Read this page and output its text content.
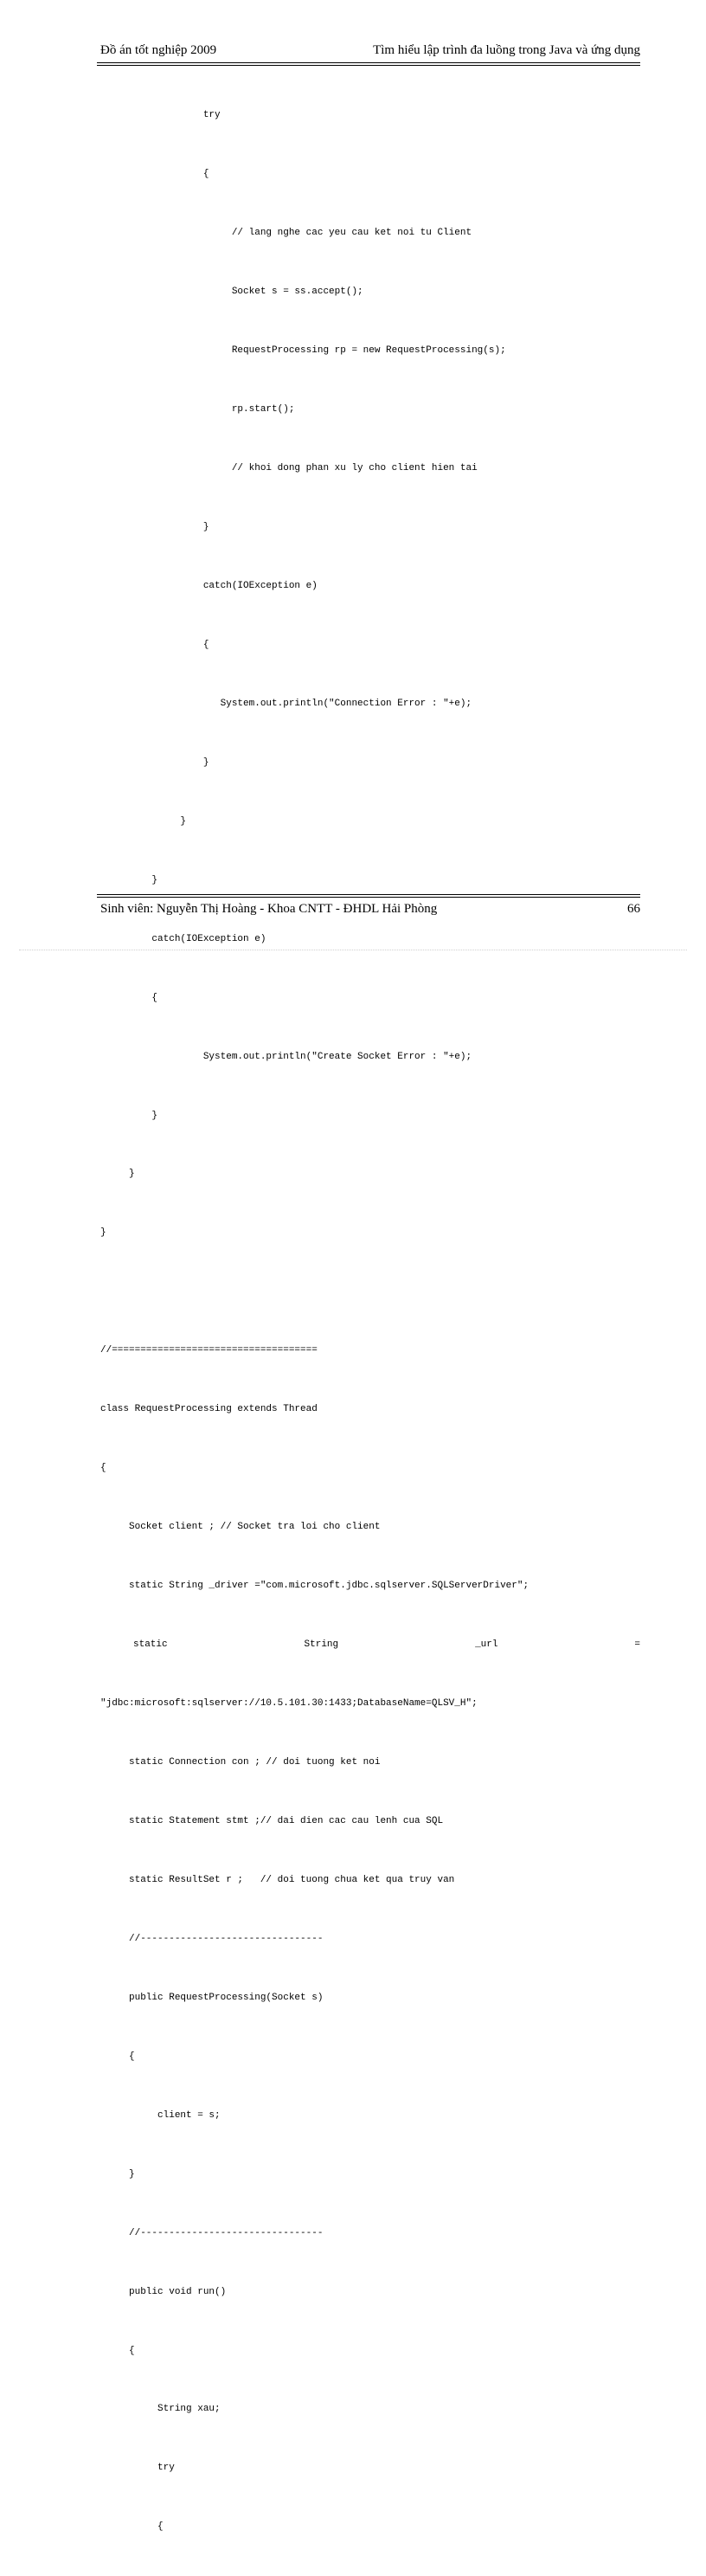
Đồ án tốt nghiệp 2009	Tìm hiểu lập trình đa luồng trong Java và ứng dụng

try

{

// lang nghe cac yeu cau ket noi tu Client

Socket s = ss.accept();

RequestProcessing rp = new RequestProcessing(s);

rp.start();

// khoi dong phan xu ly cho client hien tai

}

catch(IOException e)

{

System.out.println("Connection Error : "+e);

}

}

}

catch(IOException e)

{

System.out.println("Create Socket Error : "+e);

}

}

}

//====================================

class RequestProcessing extends Thread

{

Socket client ; // Socket tra loi cho client

static String _driver ="com.microsoft.jdbc.sqlserver.SQLServerDriver";

static	String	_url	=

"jdbc:microsoft:sqlserver://10.5.101.30:1433;DatabaseName=QLSV_H";

static Connection con ; // doi tuong ket noi

static Statement stmt ;// dai dien cac cau lenh cua SQL

static ResultSet r ;   // doi tuong chua ket qua truy van

//--------------------------------

public RequestProcessing(Socket s)

{

client = s;

}

//--------------------------------

public void run()

{

String xau;

try

{

Sinh viên: Nguyễn Thị Hoàng - Khoa CNTT - ĐHDL Hải Phòng	66
